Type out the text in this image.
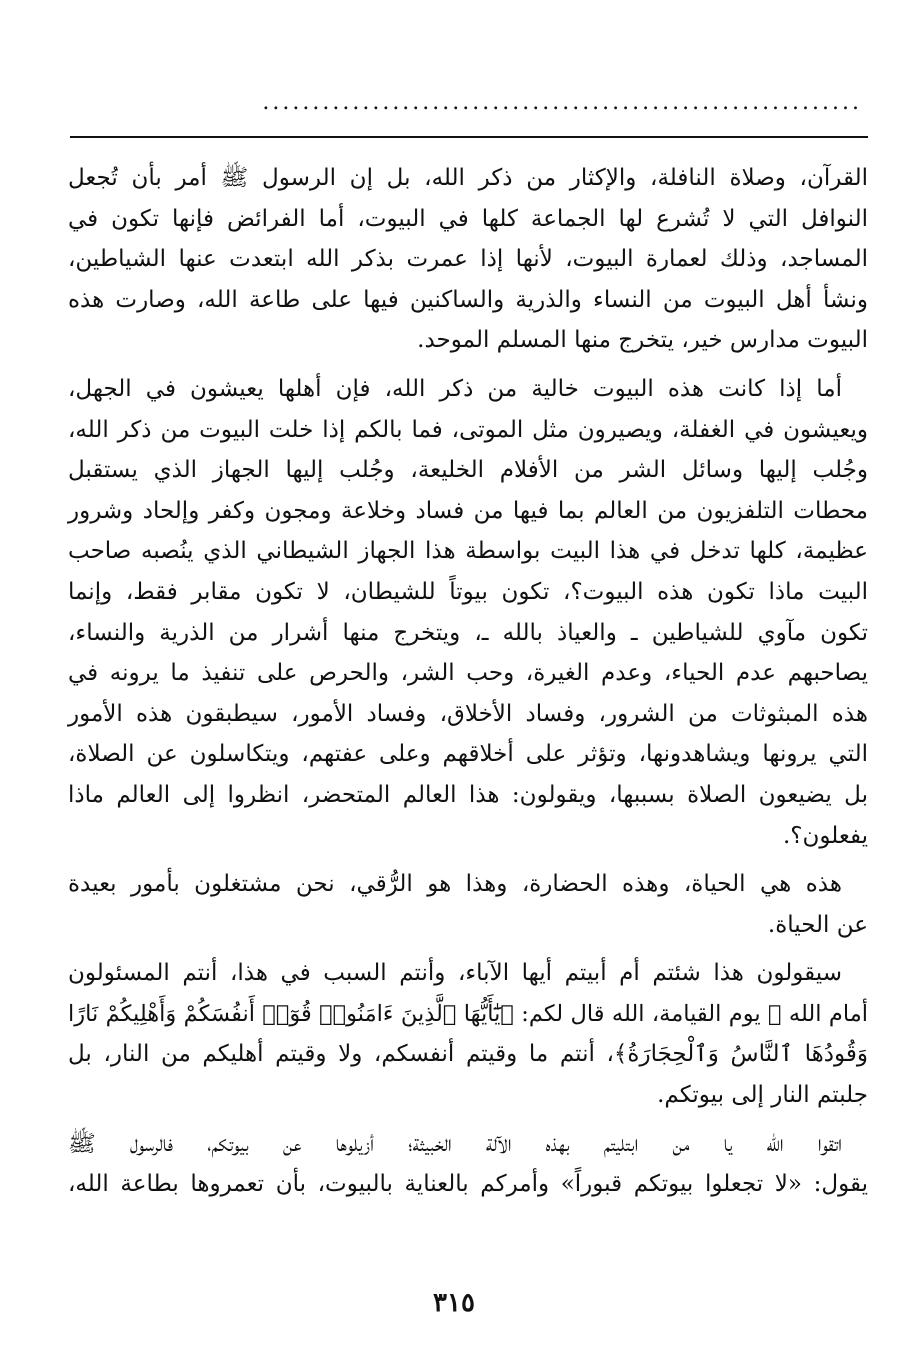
............................................................
القرآن، وصلاة النافلة، والإكثار من ذكر الله، بل إن الرسول ﷺ أمر بأن تُجعل
النوافل التي لا تُشرع لها الجماعة كلها في البيوت، أما الفرائض فإنها تكون في
المساجد، وذلك لعمارة البيوت، لأنها إذا عمرت بذكر الله ابتعدت عنها الشياطين،
ونشأ أهل البيوت من النساء والذرية والساكنين فيها على طاعة الله، وصارت هذه
البيوت مدارس خير، يتخرج منها المسلم الموحد.
أما إذا كانت هذه البيوت خالية من ذكر الله، فإن أهلها يعيشون في الجهل،
ويعيشون في الغفلة، ويصيرون مثل الموتى، فما بالكم إذا خلت البيوت من ذكر الله،
وجُلب إليها وسائل الشر من الأفلام الخليعة، وجُلب إليها الجهاز الذي يستقبل
محطات التلفزيون من العالم بما فيها من فساد وخلاعة ومجون وكفر وإلحاد وشرور
عظيمة، كلها تدخل في هذا البيت بواسطة هذا الجهاز الشيطاني الذي ينُصبه صاحب
البيت ماذا تكون هذه البيوت؟، تكون بيوتاً للشيطان، لا تكون مقابر فقط، وإنما
تكون مآوي للشياطين ـ والعياذ بالله ـ، ويتخرج منها أشرار من الذرية والنساء،
يصاحبهم عدم الحياء، وعدم الغيرة، وحب الشر، والحرص على تنفيذ ما يرونه في
هذه المبثوثات من الشرور، وفساد الأخلاق، وفساد الأمور، سيطبقون هذه الأمور
التي يرونها ويشاهدونها، وتؤثر على أخلاقهم وعلى عفتهم، ويتكاسلون عن الصلاة،
بل يضيعون الصلاة بسببها، ويقولون: هذا العالم المتحضر، انظروا إلى العالم ماذا
يفعلون؟.
هذه هي الحياة، وهذه الحضارة، وهذا هو الرُّقي، نحن مشتغلون بأمور بعيدة
عن الحياة.
سيقولون هذا شئتم أم أبيتم أيها الآباء، وأنتم السبب في هذا، أنتم المسئولون
أمام الله ﷺ يوم القيامة، الله قال لكم: ﴿يَٰٓأَيُّهَا ٱلَّذِينَ ءَامَنُوا۟ قُوٓا۟ أَنفُسَكُمْ وَأَهْلِيكُمْ نَارًا
وَقُودُهَا ٱلنَّاسُ وَٱلْحِجَارَةُ﴾، أنتم ما وقيتم أنفسكم، ولا وقيتم أهليكم من النار، بل
جلبتم النار إلى بيوتكم.
اتقوا الله يا من ابتليتم بهذه الآلة الخبيثة؛ أزيلوها عن بيوتكم، فالرسول ﷺ
يقول: «لا تجعلوا بيوتكم قبوراً» وأمركم بالعناية بالبيوت، بأن تعمروها بطاعة الله،
٣١٥
